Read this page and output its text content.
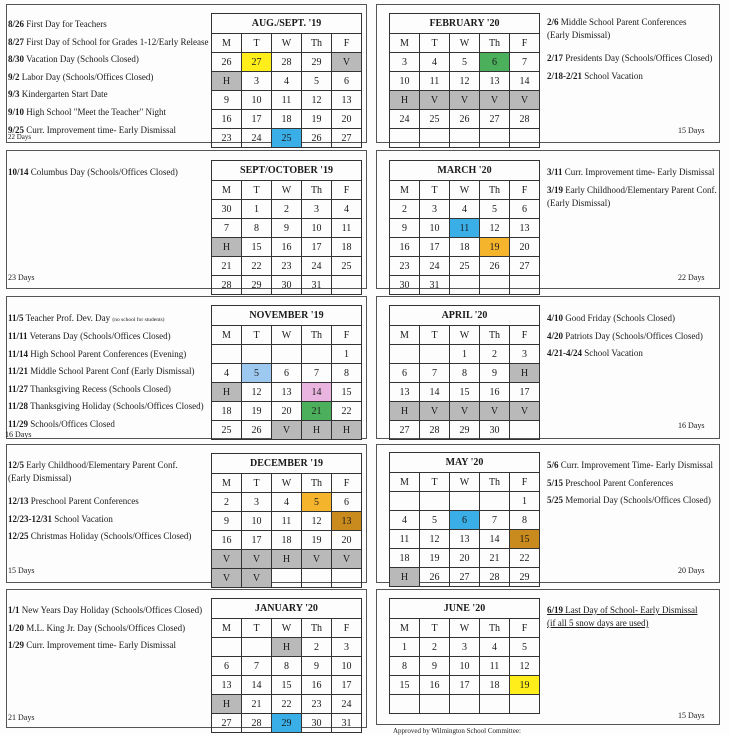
AUG./SEPT. '19				
M	T	W	Th	F
26	27	28	29	V
H	3	4	5	6
9	10	11	12	13
16	17	18	19	20
23	24	25	26	27
8/26 First Day for Teachers
8/27 First Day of School for Grades 1-12/Early Release
8/30 Vacation Day (Schools Closed)
9/2 Labor Day (Schools/Offices Closed)
9/3 Kindergarten Start Date
9/10 High School "Meet the Teacher" Night
9/25 Curr. Improvement time- Early Dismissal
22 Days
FEBRUARY '20				
M	T	W	Th	F
3	4	5	6	7
10	11	12	13	14
H	V	V	V	V
24	25	26	27	28

2/6 Middle School Parent Conferences
(Early Dismissal)
2/17 Presidents Day (Schools/Offices Closed)
2/18-2/21 School Vacation
15 Days
SEPT/OCTOBER '19				
M	T	W	Th	F
30	1	2	3	4
7	8	9	10	11
H	15	16	17	18
21	22	23	24	25
28	29	30	31	
10/14 Columbus Day (Schools/Offices Closed)
23 Days
MARCH '20				
M	T	W	Th	F
2	3	4	5	6
9	10	11	12	13
16	17	18	19	20
23	24	25	26	27
30	31			
3/11 Curr. Improvement time- Early Dismissal
3/19 Early Childhood/Elementary Parent Conf.
(Early Dismissal)
22 Days
NOVEMBER '19				
M	T	W	Th	F
				1
4	5	6	7	8
H	12	13	14	15
18	19	20	21	22
25	26	V	H	H
11/5 Teacher Prof. Dev. Day (no school for students)
11/11 Veterans Day (Schools/Offices Closed)
11/14 High School Parent Conferences (Evening)
11/21 Middle School Parent Conf (Early Dismissal)
11/27 Thanksgiving Recess (Schools Closed)
11/28 Thanksgiving Holiday (Schools/Offices Closed)
11/29 Schools/Offices Closed
16 Days
APRIL '20				
M	T	W	Th	F
		1	2	3
6	7	8	9	H
13	14	15	16	17
H	V	V	V	V
27	28	29	30	
4/10 Good Friday (Schools Closed)
4/20 Patriots Day (Schools/Offices Closed)
4/21-4/24 School Vacation
16 Days
DECEMBER '19				
M	T	W	Th	F
2	3	4	5	6
9	10	11	12	13
16	17	18	19	20
V	V	H	V	V
V	V			
12/5 Early Childhood/Elementary Parent Conf.
(Early Dismissal)
12/13 Preschool Parent Conferences
12/23-12/31 School Vacation
12/25 Christmas Holiday (Schools/Offices Closed)
15 Days
MAY '20				
M	T	W	Th	F
				1
4	5	6	7	8
11	12	13	14	15
18	19	20	21	22
H	26	27	28	29
5/6 Curr. Improvement Time- Early Dismissal
5/15 Preschool Parent Conferences
5/25 Memorial Day (Schools/Offices Closed)
20 Days
JANUARY '20				
M	T	W	Th	F
		H	2	3
6	7	8	9	10
13	14	15	16	17
H	21	22	23	24
27	28	29	30	31
1/1 New Years Day Holiday (Schools/Offices Closed)
1/20 M.L. King Jr. Day (Schools/Offices Closed)
1/29 Curr. Improvement time- Early Dismissal
21 Days
JUNE '20				
M	T	W	Th	F
1	2	3	4	5
8	9	10	11	12
15	16	17	18	19

6/19 Last Day of School- Early Dismissal
(if all 5 snow days are used)
15 Days
Approved by Wilmington School Committee:
